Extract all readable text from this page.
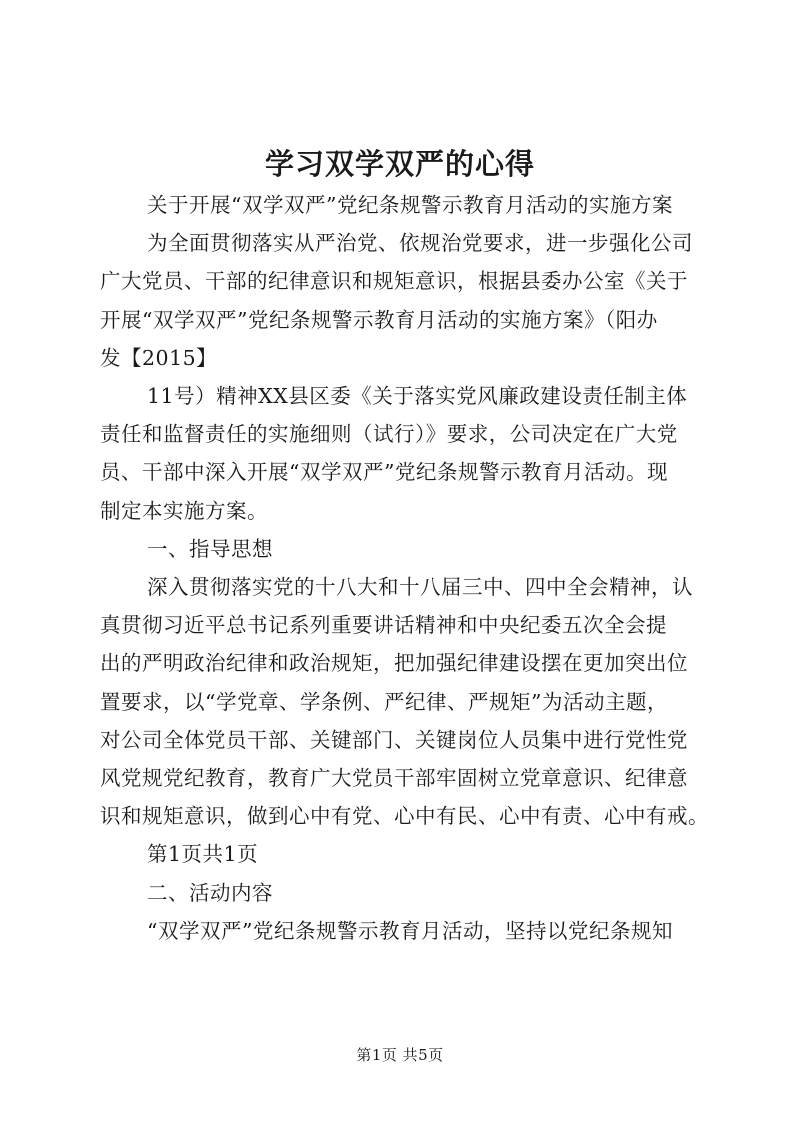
学习双学双严的心得

关于开展“双学双严”党纪条规警示教育月活动的实施方案

为全面贯彻落实从严治党、依规治党要求，进一步强化公司

广大党员、干部的纪律意识和规矩意识，根据县委办公室《关于

开展“双学双严”党纪条规警示教育月活动的实施方案》（阳办

发【2015】

11号）精神XX县区委《关于落实党风廉政建设责任制主体

责任和监督责任的实施细则（试行）》要求，公司决定在广大党

员、干部中深入开展“双学双严”党纪条规警示教育月活动。现

制定本实施方案。

一、指导思想

深入贯彻落实党的十八大和十八届三中、四中全会精神，认

真贯彻习近平总书记系列重要讲话精神和中央纪委五次全会提

出的严明政治纪律和政治规矩，把加强纪律建设摆在更加突出位

置要求，以“学党章、学条例、严纪律、严规矩”为活动主题，

对公司全体党员干部、关键部门、关键岗位人员集中进行党性党

风党规党纪教育，教育广大党员干部牢固树立党章意识、纪律意

识和规矩意识，做到心中有党、心中有民、心中有责、心中有戒。

第1页共1页

二、活动内容

“双学双严”党纪条规警示教育月活动，坚持以党纪条规知

第1页 共5页
